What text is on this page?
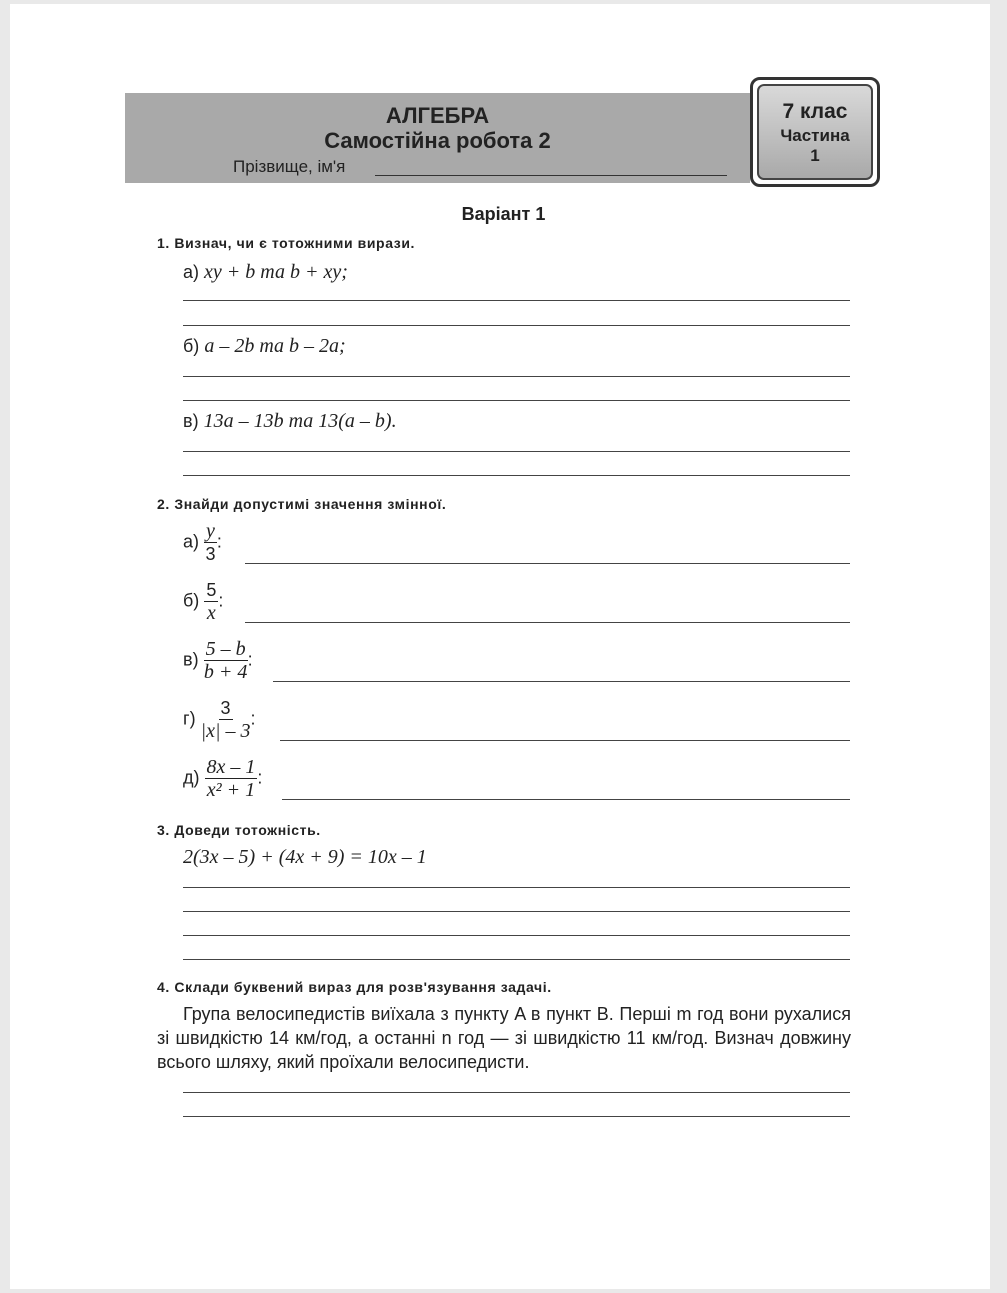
АЛГЕБРА
Самостійна робота 2
Прізвище, ім'я
7 клас
Частина
1
Варіант 1
1. Визнач, чи є тотожними вирази.
а) xy + b та b + xy;
б) a – 2b та b – 2a;
в) 13a – 13b та 13(a – b).
2. Знайди допустимі значення змінної.
$а) \frac{y}{3}$ :
$б) \frac{5}{x}$ :
$в) \frac{5 - b}{b + 4}$ :
$г) \frac{3}{|x| - 3}$ :
$д) \frac{8x - 1}{\text{x² + 1}}$ :
3. Доведи тотожність.
2(3x – 5) + (4x + 9) = 10x – 1
4. Склади буквений вираз для розв'язування задачі.
Група велосипедистів виїхала з пункту A в пункт B. Перші m год вони рухалися зі швидкістю 14 км/год, а останні n год — зі швидкістю 11 км/год. Визнач довжину всього шляху, який проїхали велосипедисти.
